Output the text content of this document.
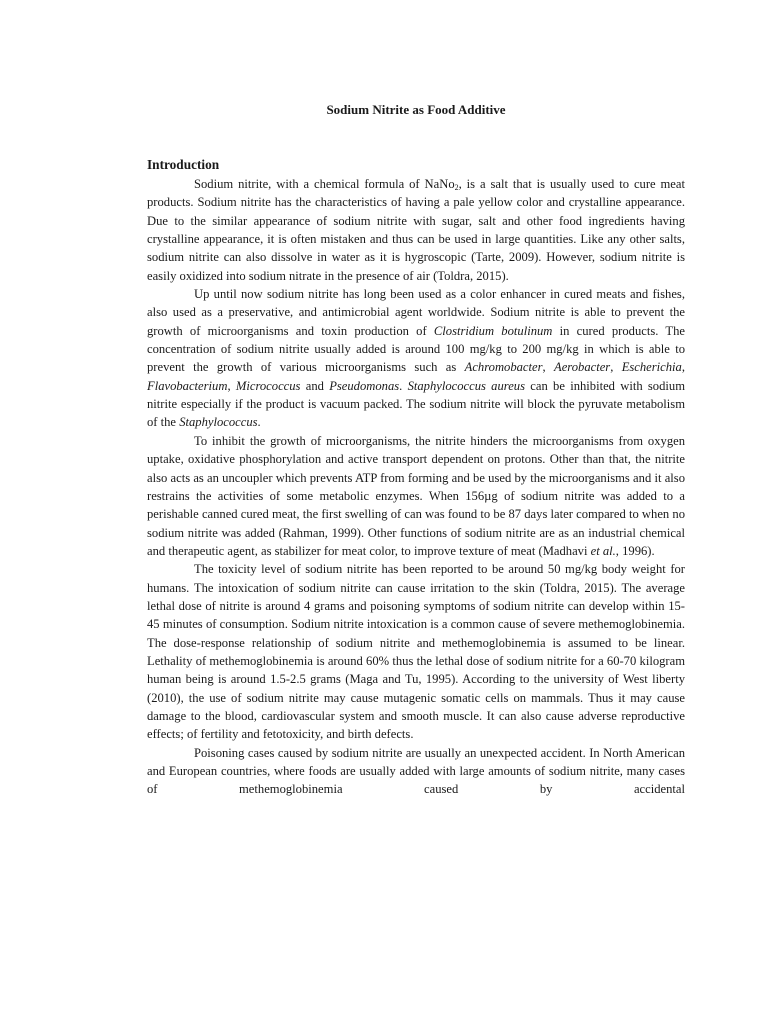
Sodium Nitrite as Food Additive
Introduction

Sodium nitrite, with a chemical formula of NaNo$_2$, is a salt that is usually used to cure meat products. Sodium nitrite has the characteristics of having a pale yellow color and crystalline appearance. Due to the similar appearance of sodium nitrite with sugar, salt and other food ingredients having crystalline appearance, it is often mistaken and thus can be used in large quantities. Like any other salts, sodium nitrite can also dissolve in water as it is hygroscopic (Tarte, 2009). However, sodium nitrite is easily oxidized into sodium nitrate in the presence of air (Toldra, 2015).

Up until now sodium nitrite has long been used as a color enhancer in cured meats and fishes, also used as a preservative, and antimicrobial agent worldwide. Sodium nitrite is able to prevent the growth of microorganisms and toxin production of Clostridium botulinum in cured products. The concentration of sodium nitrite usually added is around 100 mg/kg to 200 mg/kg in which is able to prevent the growth of various microorganisms such as Achromobacter, Aerobacter, Escherichia, Flavobacterium, Micrococcus and Pseudomonas. Staphylococcus aureus can be inhibited with sodium nitrite especially if the product is vacuum packed. The sodium nitrite will block the pyruvate metabolism of the Staphylococcus.

To inhibit the growth of microorganisms, the nitrite hinders the microorganisms from oxygen uptake, oxidative phosphorylation and active transport dependent on protons. Other than that, the nitrite also acts as an uncoupler which prevents ATP from forming and be used by the microorganisms and it also restrains the activities of some metabolic enzymes. When 156µg of sodium nitrite was added to a perishable canned cured meat, the first swelling of can was found to be 87 days later compared to when no sodium nitrite was added (Rahman, 1999). Other functions of sodium nitrite are as an industrial chemical and therapeutic agent, as stabilizer for meat color, to improve texture of meat (Madhavi et al., 1996).

The toxicity level of sodium nitrite has been reported to be around 50 mg/kg body weight for humans. The intoxication of sodium nitrite can cause irritation to the skin (Toldra, 2015). The average lethal dose of nitrite is around 4 grams and poisoning symptoms of sodium nitrite can develop within 15-45 minutes of consumption. Sodium nitrite intoxication is a common cause of severe methemoglobinemia. The dose-response relationship of sodium nitrite and methemoglobinemia is assumed to be linear. Lethality of methemoglobinemia is around 60% thus the lethal dose of sodium nitrite for a 60-70 kilogram human being is around 1.5-2.5 grams (Maga and Tu, 1995). According to the university of West liberty (2010), the use of sodium nitrite may cause mutagenic somatic cells on mammals. Thus it may cause damage to the blood, cardiovascular system and smooth muscle. It can also cause adverse reproductive effects; of fertility and fetotoxicity, and birth defects.

Poisoning cases caused by sodium nitrite are usually an unexpected accident. In North American and European countries, where foods are usually added with large amounts of sodium nitrite, many cases of methemoglobinemia caused by accidental
